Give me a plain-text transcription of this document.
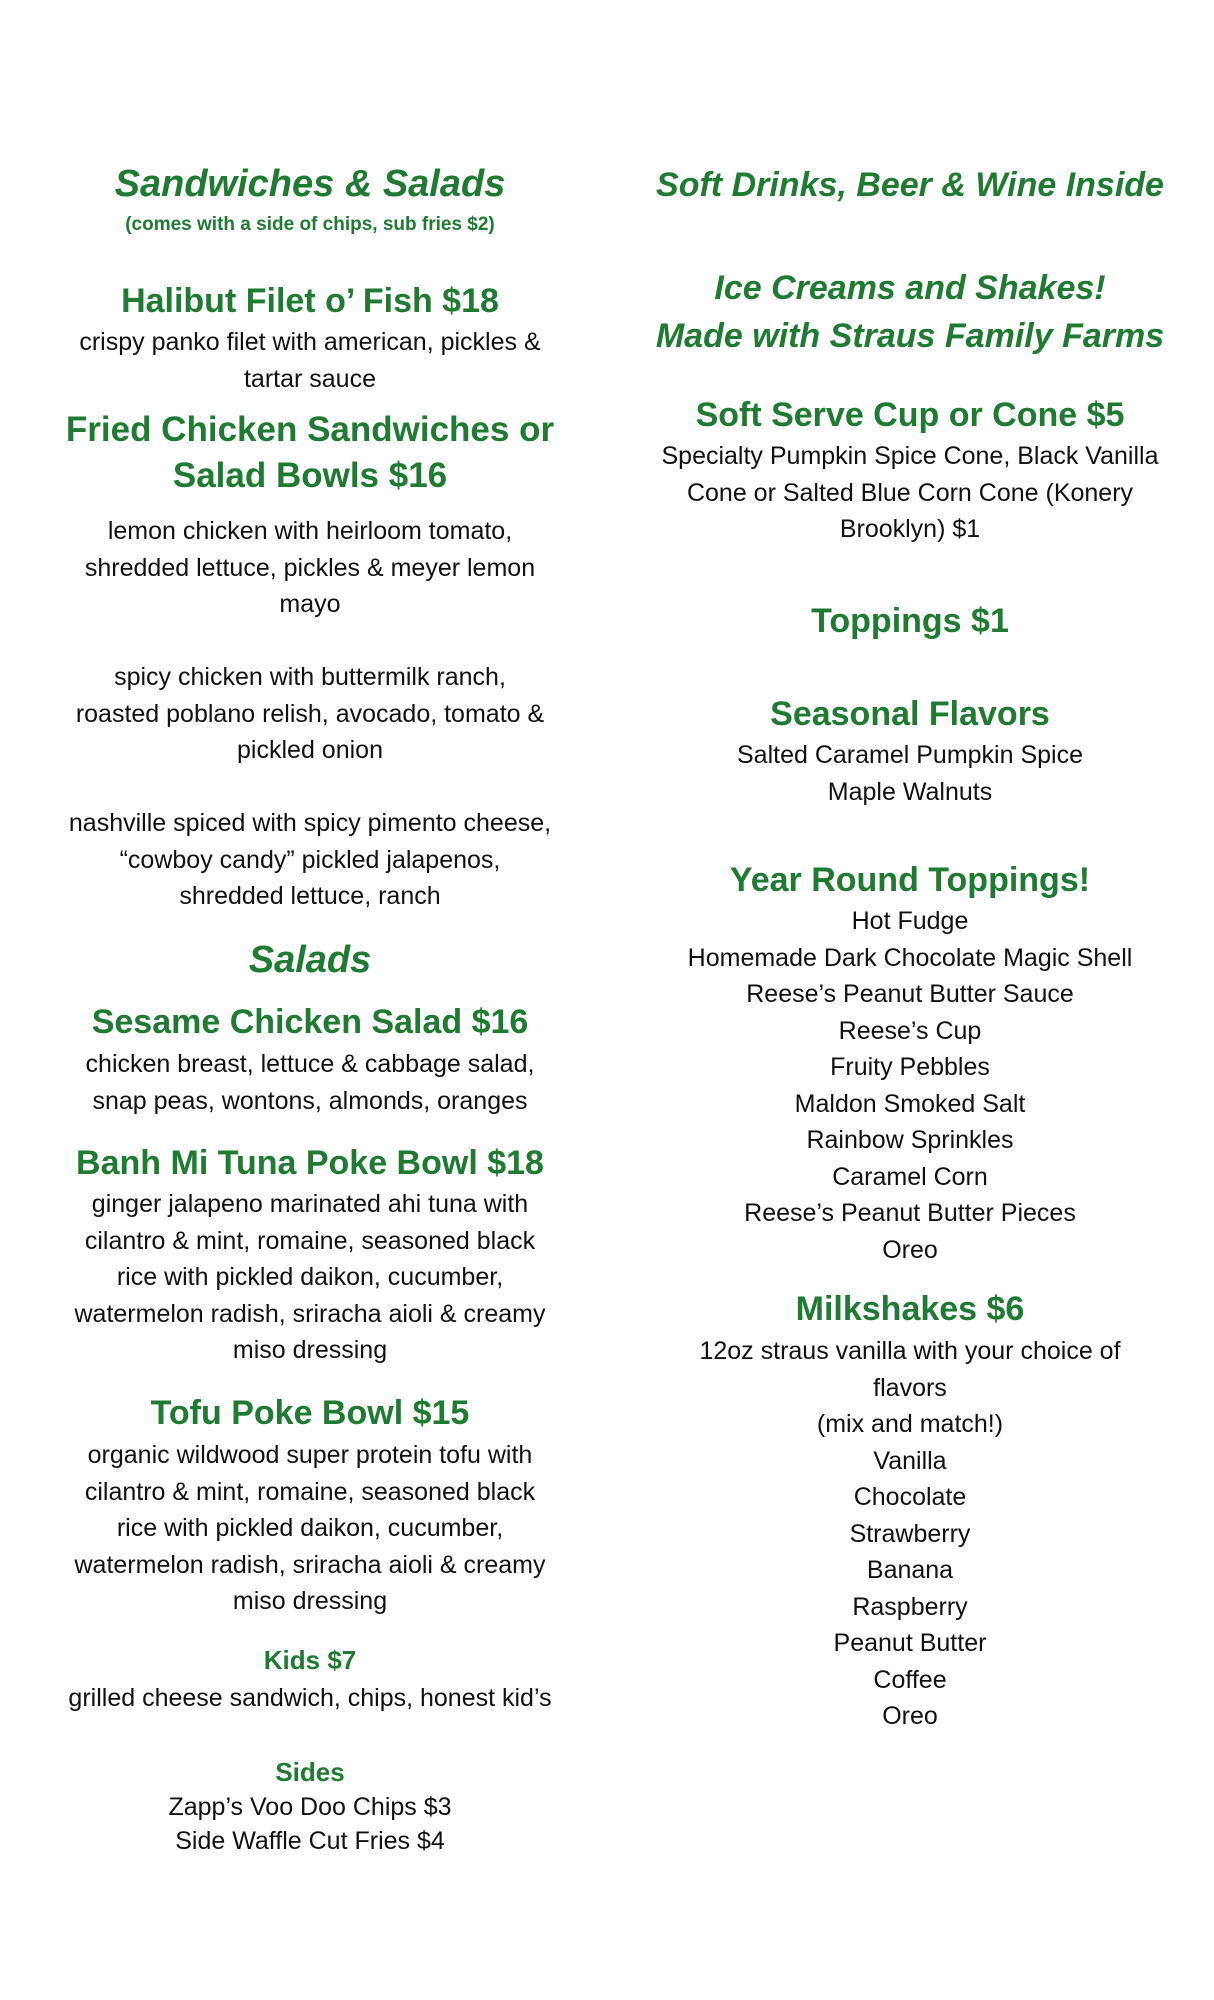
Sandwiches & Salads
(comes with a side of chips, sub fries $2)
Halibut Filet o’ Fish $18
crispy panko filet with american, pickles &
tartar sauce
Fried Chicken Sandwiches or
Salad Bowls $16
lemon chicken with heirloom tomato,
shredded lettuce, pickles & meyer lemon
mayo
spicy chicken with buttermilk ranch,
roasted poblano relish, avocado, tomato &
pickled onion
nashville spiced with spicy pimento cheese,
“cowboy candy” pickled jalapenos,
shredded lettuce, ranch
Salads
Sesame Chicken Salad $16
chicken breast, lettuce & cabbage salad,
snap peas, wontons, almonds, oranges
Banh Mi Tuna Poke Bowl $18
ginger jalapeno marinated ahi tuna with
cilantro & mint, romaine, seasoned black
rice with pickled daikon, cucumber,
watermelon radish, sriracha aioli & creamy
miso dressing
Tofu Poke Bowl $15
organic wildwood super protein tofu with
cilantro & mint, romaine, seasoned black
rice with pickled daikon, cucumber,
watermelon radish, sriracha aioli & creamy
miso dressing
Kids $7
grilled cheese sandwich, chips, honest kid’s
Sides
Zapp’s Voo Doo Chips $3
Side Waffle Cut Fries $4
Soft Drinks, Beer & Wine Inside
Ice Creams and Shakes!
Made with Straus Family Farms
Soft Serve Cup or Cone $5
Specialty Pumpkin Spice Cone, Black Vanilla
Cone or Salted Blue Corn Cone (Konery
Brooklyn) $1
Toppings $1
Seasonal Flavors
Salted Caramel Pumpkin Spice
Maple Walnuts
Year Round Toppings!
Hot Fudge
Homemade Dark Chocolate Magic Shell
Reese’s Peanut Butter Sauce
Reese’s Cup
Fruity Pebbles
Maldon Smoked Salt
Rainbow Sprinkles
Caramel Corn
Reese’s Peanut Butter Pieces
Oreo
Milkshakes $6
12oz straus vanilla with your choice of
flavors
(mix and match!)
Vanilla
Chocolate
Strawberry
Banana
Raspberry
Peanut Butter
Coffee
Oreo
